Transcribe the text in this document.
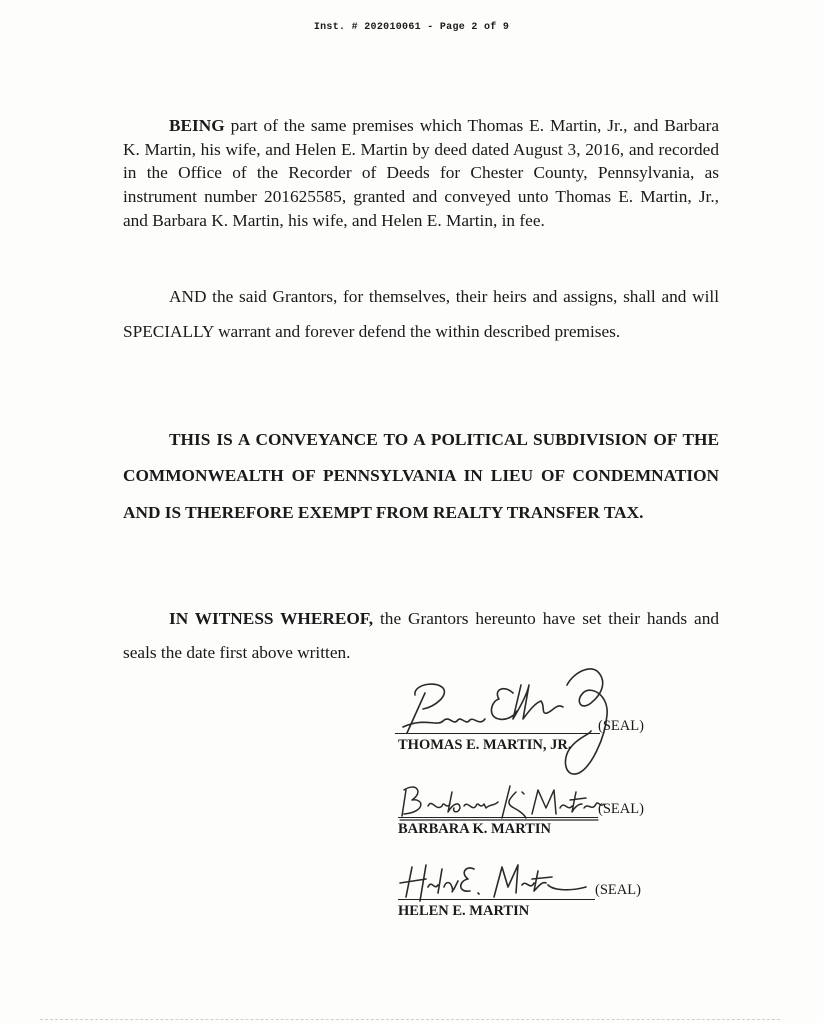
Inst. # 202010061 - Page 2 of 9

BEING part of the same premises which Thomas E. Martin, Jr., and Barbara K. Martin, his wife, and Helen E. Martin by deed dated August 3, 2016, and recorded in the Office of the Recorder of Deeds for Chester County, Pennsylvania, as instrument number 201625585, granted and conveyed unto Thomas E. Martin, Jr., and Barbara K. Martin, his wife, and Helen E. Martin, in fee.

AND the said Grantors, for themselves, their heirs and assigns, shall and will SPECIALLY warrant and forever defend the within described premises.

THIS IS A CONVEYANCE TO A POLITICAL SUBDIVISION OF THE COMMONWEALTH OF PENNSYLVANIA IN LIEU OF CONDEMNATION AND IS THEREFORE EXEMPT FROM REALTY TRANSFER TAX.

IN WITNESS WHEREOF, the Grantors hereunto have set their hands and seals the date first above written.

(SEAL)
THOMAS E. MARTIN, JR.
(SEAL)
BARBARA K. MARTIN
(SEAL)
HELEN E. MARTIN
